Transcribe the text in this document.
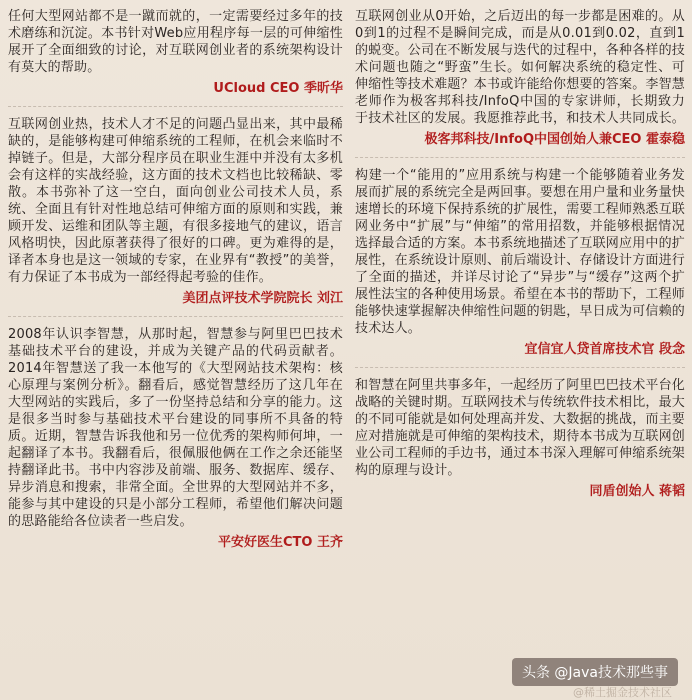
任何大型网站都不是一蹴而就的，一定需要经过多年的技术磨练和沉淀。本书针对Web应用程序每一层的可伸缩性展开了全面细致的讨论，对互联网创业者的系统架构设计有莫大的帮助。

UCloud CEO 季昕华

互联网创业热，技术人才不足的问题凸显出来，其中最稀缺的，是能够构建可伸缩系统的工程师，在机会来临时不掉链子。但是，大部分程序员在职业生涯中并没有太多机会有这样的实战经验，这方面的技术文档也比较稀缺、零散。本书弥补了这一空白，面向创业公司技术人员，系统、全面且有针对性地总结可伸缩方面的原则和实践，兼顾开发、运维和团队等主题，有很多接地气的建议，语言风格明快，因此原著获得了很好的口碑。更为难得的是，译者本身也是这一领域的专家，在业界有“教授”的美誉，有力保证了本书成为一部经得起考验的佳作。

美团点评技术学院院长 刘江

2008年认识李智慧，从那时起，智慧参与阿里巴巴技术基础技术平台的建设，并成为关键产品的代码贡献者。2014年智慧送了我一本他写的《大型网站技术架构：核心原理与案例分析》。翻看后，感觉智慧经历了这几年在大型网站的实践后，多了一份坚持总结和分享的能力。这是很多当时参与基础技术平台建设的同事所不具备的特质。近期，智慧告诉我他和另一位优秀的架构师何坤，一起翻译了本书。我翻看后，很佩服他俩在工作之余还能坚持翻译此书。书中内容涉及前端、服务、数据库、缓存、异步消息和搜索，非常全面。全世界的大型网站并不多，能参与其中建设的只是小部分工程师，希望他们解决问题的思路能给各位读者一些启发。

平安好医生CTO 王齐

互联网创业从0开始，之后迈出的每一步都是困难的。从0到1的过程不是瞬间完成，而是从0.01到0.02，直到1的蜕变。公司在不断发展与迭代的过程中，各种各样的技术问题也随之“野蛮”生长。如何解决系统的稳定性、可伸缩性等技术难题？本书或许能给你想要的答案。李智慧老师作为极客邦科技/InfoQ中国的专家讲师，长期致力于技术社区的发展。我愿推荐此书，和技术人共同成长。

极客邦科技/InfoQ中国创始人兼CEO 霍泰稳

构建一个“能用的”应用系统与构建一个能够随着业务发展而扩展的系统完全是两回事。要想在用户量和业务量快速增长的环境下保持系统的扩展性，需要工程师熟悉互联网业务中“扩展”与“伸缩”的常用招数，并能够根据情况选择最合适的方案。本书系统地描述了互联网应用中的扩展性，在系统设计原则、前后端设计、存储设计方面进行了全面的描述，并详尽讨论了“异步”与“缓存”这两个扩展性法宝的各种使用场景。希望在本书的帮助下，工程师能够快速掌握解决伸缩性问题的钥匙，早日成为可信赖的技术达人。

宜信宜人贷首席技术官 段念

和智慧在阿里共事多年，一起经历了阿里巴巴技术平台化战略的关键时期。互联网技术与传统软件技术相比，最大的不同可能就是如何处理高并发、大数据的挑战，而主要应对措施就是可伸缩的架构技术，期待本书成为互联网创业公司工程师的手边书，通过本书深入理解可伸缩系统架构的原理与设计。

同盾创始人 蒋韬

头条 @Java技术那些事
@稀土掘金技术社区
